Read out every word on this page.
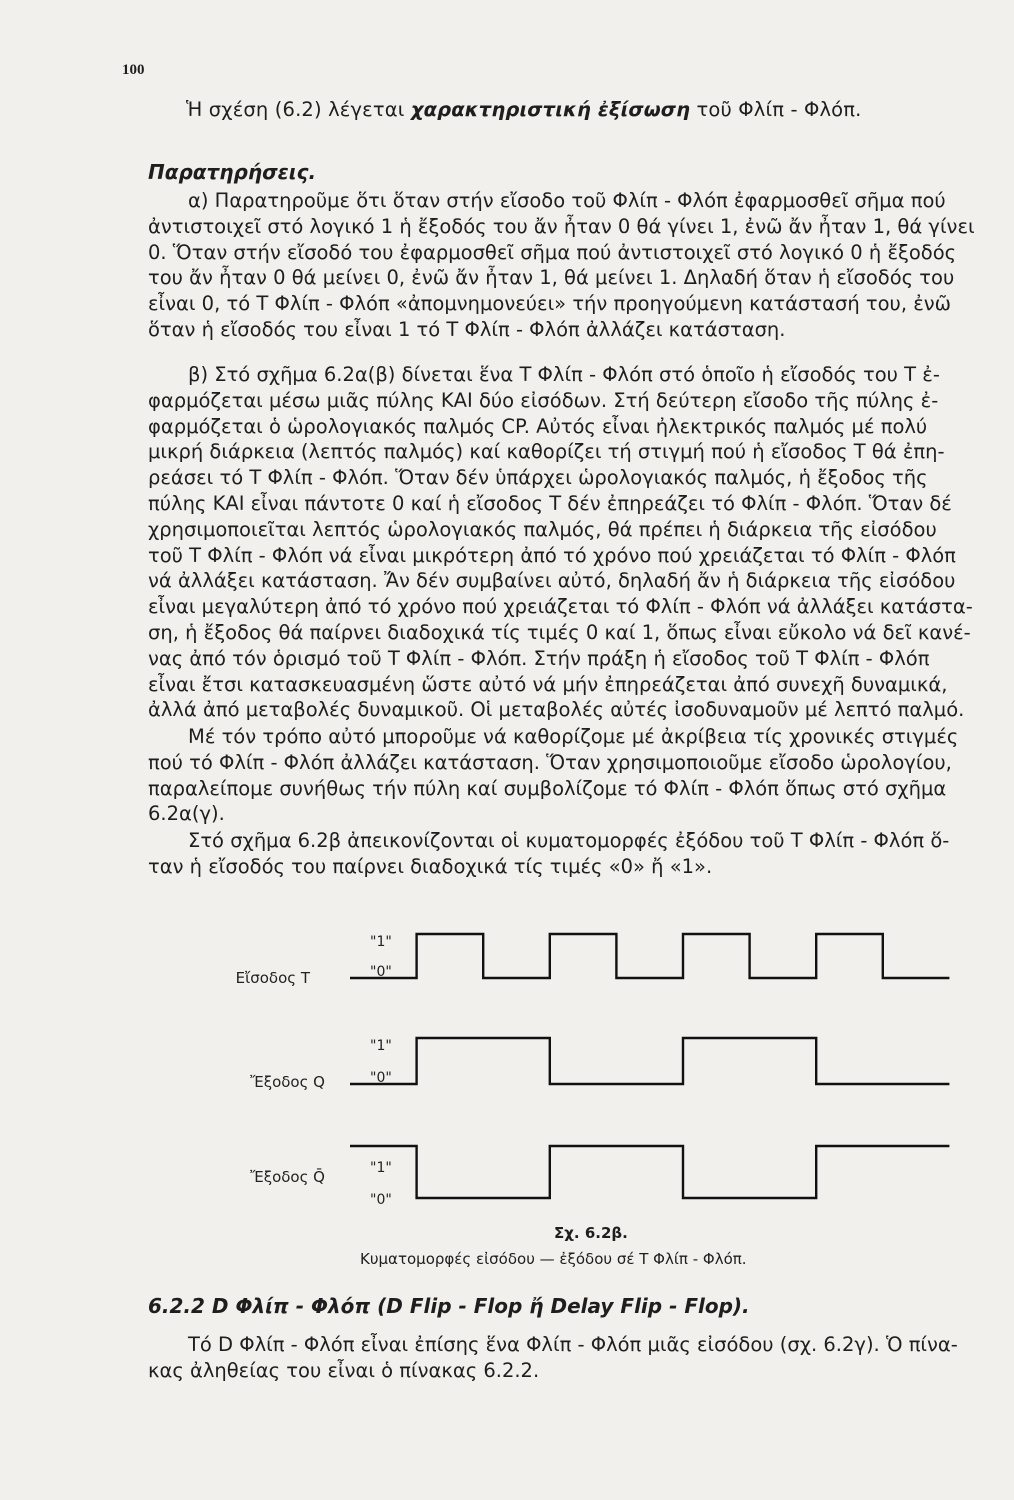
100
Ἡ σχέση (6.2) λέγεται χαρακτηριστική ἐξίσωση τοῦ Φλίπ - Φλόπ.
Παρατηρήσεις.
α) Παρατηροῦμε ὅτι ὅταν στήν εἴσοδο τοῦ Φλίπ - Φλόπ ἐφαρμοσθεῖ σῆμα πού
ἀντιστοιχεῖ στό λογικό 1 ἡ ἔξοδός του ἄν ἦταν 0 θά γίνει 1, ἐνῶ ἄν ἦταν 1, θά γίνει
0. Ὅταν στήν εἴσοδό του ἐφαρμοσθεῖ σῆμα πού ἀντιστοιχεῖ στό λογικό 0 ἡ ἔξοδός
του ἄν ἦταν 0 θά μείνει 0, ἐνῶ ἄν ἦταν 1, θά μείνει 1. Δηλαδή ὅταν ἡ εἴσοδός του
εἶναι 0, τό Τ Φλίπ - Φλόπ «ἀπομνημονεύει» τήν προηγούμενη κατάστασή του, ἐνῶ
ὅταν ἡ εἴσοδός του εἶναι 1 τό Τ Φλίπ - Φλόπ ἀλλάζει κατάσταση.
β) Στό σχῆμα 6.2α(β) δίνεται ἕνα Τ Φλίπ - Φλόπ στό ὁποῖο ἡ εἴσοδός του Τ ἐ-
φαρμόζεται μέσω μιᾶς πύλης ΚΑΙ δύο εἰσόδων. Στή δεύτερη εἴσοδο τῆς πύλης ἐ-
φαρμόζεται ὁ ὡρολογιακός παλμός CP. Αὐτός εἶναι ἠλεκτρικός παλμός μέ πολύ
μικρή διάρκεια (λεπτός παλμός) καί καθορίζει τή στιγμή πού ἡ εἴσοδος Τ θά ἐπη-
ρεάσει τό Τ Φλίπ - Φλόπ. Ὅταν δέν ὑπάρχει ὡρολογιακός παλμός, ἡ ἔξοδος τῆς
πύλης ΚΑΙ εἶναι πάντοτε 0 καί ἡ εἴσοδος Τ δέν ἐπηρεάζει τό Φλίπ - Φλόπ. Ὅταν δέ
χρησιμοποιεῖται λεπτός ὡρολογιακός παλμός, θά πρέπει ἡ διάρκεια τῆς εἰσόδου
τοῦ Τ Φλίπ - Φλόπ νά εἶναι μικρότερη ἀπό τό χρόνο πού χρειάζεται τό Φλίπ - Φλόπ
νά ἀλλάξει κατάσταση. Ἄν δέν συμβαίνει αὐτό, δηλαδή ἄν ἡ διάρκεια τῆς εἰσόδου
εἶναι μεγαλύτερη ἀπό τό χρόνο πού χρειάζεται τό Φλίπ - Φλόπ νά ἀλλάξει κατάστα-
ση, ἡ ἔξοδος θά παίρνει διαδοχικά τίς τιμές 0 καί 1, ὅπως εἶναι εὔκολο νά δεῖ κανέ-
νας ἀπό τόν ὁρισμό τοῦ Τ Φλίπ - Φλόπ. Στήν πράξη ἡ εἴσοδος τοῦ Τ Φλίπ - Φλόπ
εἶναι ἔτσι κατασκευασμένη ὥστε αὐτό νά μήν ἐπηρεάζεται ἀπό συνεχῆ δυναμικά,
ἀλλά ἀπό μεταβολές δυναμικοῦ. Οἱ μεταβολές αὐτές ἰσοδυναμοῦν μέ λεπτό παλμό.
Μέ τόν τρόπο αὐτό μποροῦμε νά καθορίζομε μέ ἀκρίβεια τίς χρονικές στιγμές
πού τό Φλίπ - Φλόπ ἀλλάζει κατάσταση. Ὅταν χρησιμοποιοῦμε εἴσοδο ὡρολογίου,
παραλείπομε συνήθως τήν πύλη καί συμβολίζομε τό Φλίπ - Φλόπ ὅπως στό σχῆμα
6.2α(γ).
Στό σχῆμα 6.2β ἀπεικονίζονται οἱ κυματομορφές ἐξόδου τοῦ Τ Φλίπ - Φλόπ ὅ-
ταν ἡ εἴσοδός του παίρνει διαδοχικά τίς τιμές «0» ἤ «1».
Εἴσοδος Τ
"1"
"0"
Ἔξοδος Q
"1"
"0"
Ἔξοδος Q̄	"1"
"0"
Σχ. 6.2β.
Κυματομορφές εἰσόδου — ἐξόδου σέ Τ Φλίπ - Φλόπ.
6.2.2 D Φλίπ - Φλόπ (D Flip - Flop ἤ Delay Flip - Flop).
Τό D Φλίπ - Φλόπ εἶναι ἐπίσης ἕνα Φλίπ - Φλόπ μιᾶς εἰσόδου (σχ. 6.2γ). Ὁ πίνα-
κας ἀληθείας του εἶναι ὁ πίνακας 6.2.2.
